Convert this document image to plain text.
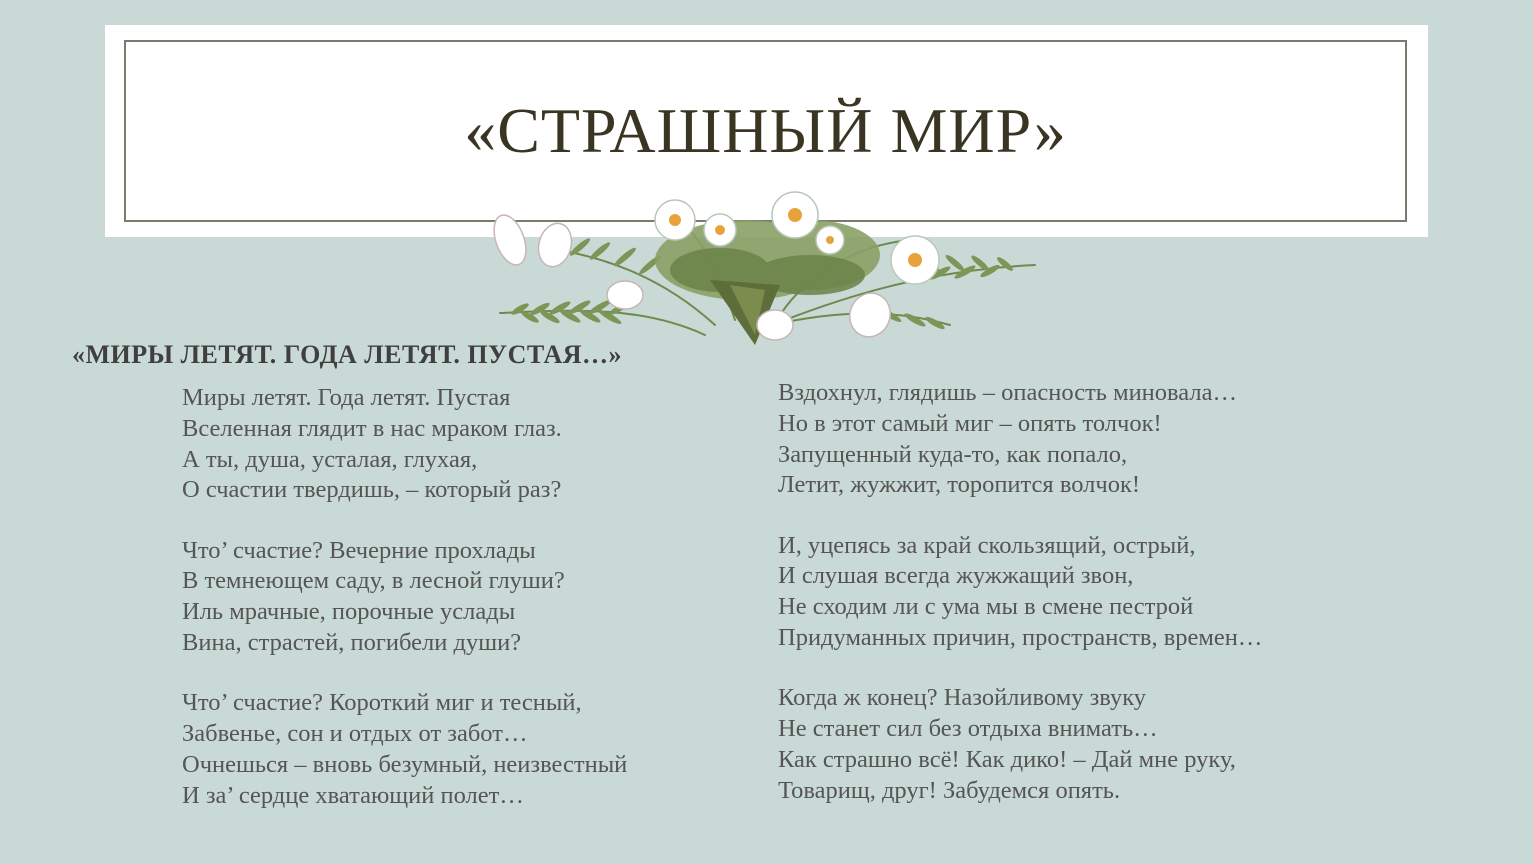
«СТРАШНЫЙ МИР»
«МИРЫ ЛЕТЯТ. ГОДА ЛЕТЯТ. ПУСТАЯ…»
Миры летят. Года летят. Пустая
Вселенная глядит в нас мраком глаз.
А ты, душа, усталая, глухая,
О счастии твердишь, – который раз?
Что’ счастие? Вечерние прохлады
В темнеющем саду, в лесной глуши?
Иль мрачные, порочные услады
Вина, страстей, погибели души?
Что’ счастие? Короткий миг и тесный,
Забвенье, сон и отдых от забот…
Очнешься – вновь безумный, неизвестный
И за’ сердце хватающий полет…
Вздохнул, глядишь – опасность миновала…
Но в этот самый миг – опять толчок!
Запущенный куда-то, как попало,
Летит, жужжит, торопится волчок!
И, уцепясь за край скользящий, острый,
И слушая всегда жужжащий звон,
Не сходим ли с ума мы в смене пестрой
Придуманных причин, пространств, времен…
Когда ж конец? Назойливому звуку
Не станет сил без отдыха внимать…
Как страшно всё! Как дико! – Дай мне руку,
Товарищ, друг! Забудемся опять.
